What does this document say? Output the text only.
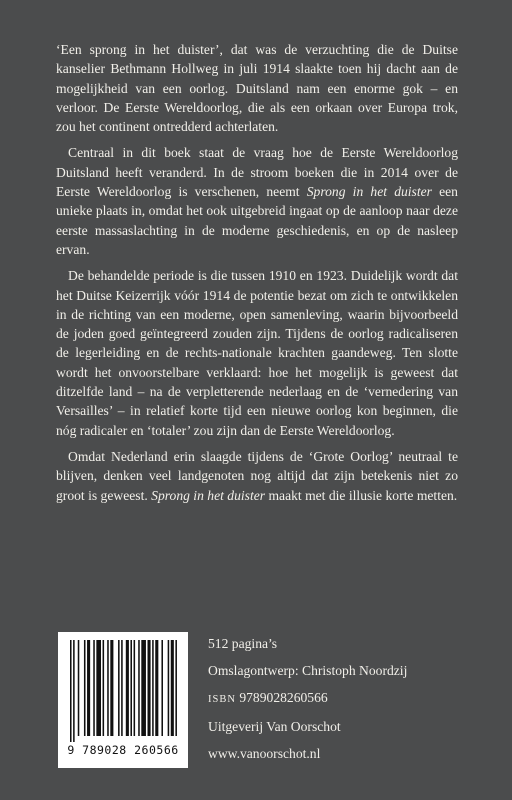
‘Een sprong in het duister’, dat was de verzuchting die de Duitse kanselier Bethmann Hollweg in juli 1914 slaakte toen hij dacht aan de mogelijkheid van een oorlog. Duitsland nam een enorme gok – en verloor. De Eerste Wereldoorlog, die als een orkaan over Europa trok, zou het continent ontredderd achterlaten.

Centraal in dit boek staat de vraag hoe de Eerste Wereldoorlog Duitsland heeft veranderd. In de stroom boeken die in 2014 over de Eerste Wereldoorlog is verschenen, neemt Sprong in het duister een unieke plaats in, omdat het ook uitgebreid ingaat op de aanloop naar deze eerste massaslachting in de moderne geschiedenis, en op de nasleep ervan.

De behandelde periode is die tussen 1910 en 1923. Duidelijk wordt dat het Duitse Keizerrijk vóór 1914 de potentie bezat om zich te ontwikkelen in de richting van een moderne, open samenleving, waarin bijvoorbeeld de joden goed geïntegreerd zouden zijn. Tijdens de oorlog radicaliseren de legerleiding en de rechts-nationale krachten gaandeweg. Ten slotte wordt het onvoorstelbare verklaard: hoe het mogelijk is geweest dat ditzelfde land – na de verpletterende nederlaag en de ‘vernedering van Versailles’ – in relatief korte tijd een nieuwe oorlog kon beginnen, die nóg radicaler en ‘totaler’ zou zijn dan de Eerste Wereldoorlog.

Omdat Nederland erin slaagde tijdens de ‘Grote Oorlog’ neutraal te blijven, denken veel landgenoten nog altijd dat zijn betekenis niet zo groot is geweest. Sprong in het duister maakt met die illusie korte metten.

9 789028 260566
512 pagina’s
Omslagontwerp: Christoph Noordzij
ISBN 9789028260566
Uitgeverij Van Oorschot
www.vanoorschot.nl
